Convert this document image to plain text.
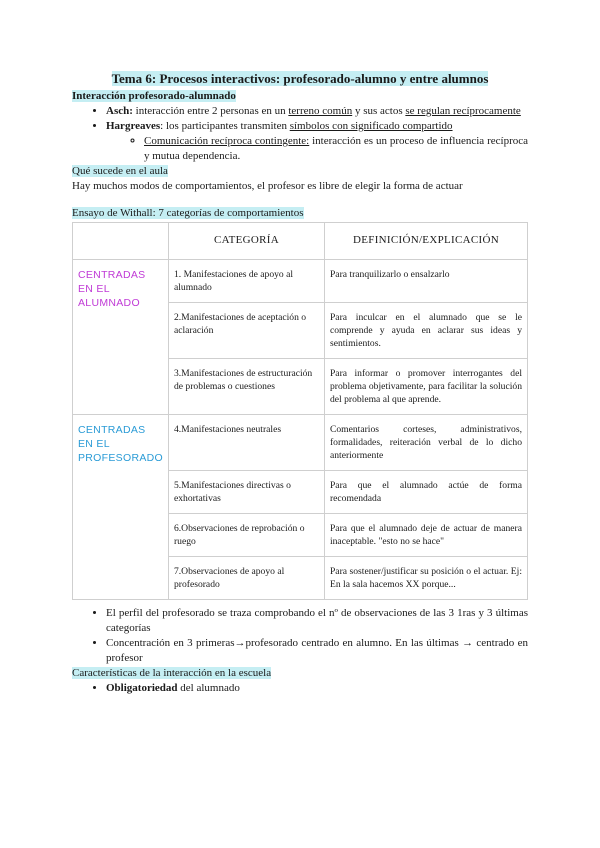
Tema 6: Procesos interactivos: profesorado-alumno y entre alumnos
Interacción profesorado-alumnado
• Asch: interacción entre 2 personas en un terreno común y sus actos se regulan recíprocamente
• Hargreaves: los participantes transmiten símbolos con significado compartido
◦ Comunicación recíproca contingente: interacción es un proceso de influencia recíproca y mutua dependencia.
Qué sucede en el aula
Hay muchos modos de comportamientos, el profesor es libre de elegir la forma de actuar
Ensayo de Withall: 7 categorías de comportamientos
	CATEGORÍA	DEFINICIÓN/EXPLICACIÓN
CENTRADAS EN EL ALUMNADO	1. Manifestaciones de apoyo al alumnado	Para tranquilizarlo o ensalzarlo
	2.Manifestaciones de aceptación o aclaración	Para inculcar en el alumnado que se le comprende y ayuda en aclarar sus ideas y sentimientos.
	3.Manifestaciones de estructuración de problemas o cuestiones	Para informar o promover interrogantes del problema objetivamente, para facilitar la solución del problema al que aprende.
CENTRADAS EN EL PROFESORADO	4.Manifestaciones neutrales	Comentarios corteses, administrativos, formalidades, reiteración verbal de lo dicho anteriormente
	5.Manifestaciones directivas o exhortativas	Para que el alumnado actúe de forma recomendada
	6.Observaciones de reprobación o ruego	Para que el alumnado deje de actuar de manera inaceptable. "esto no se hace"
	7.Observaciones de apoyo al profesorado	Para sostener/justificar su posición o el actuar. Ej: En la sala hacemos XX porque...
• El perfil del profesorado se traza comprobando el nº de observaciones de las 3 1ras y 3 últimas categorías
• Concentración en 3 primeras→profesorado centrado en alumno. En las últimas → centrado en profesor
Características de la interacción en la escuela
• Obligatoriedad del alumnado
